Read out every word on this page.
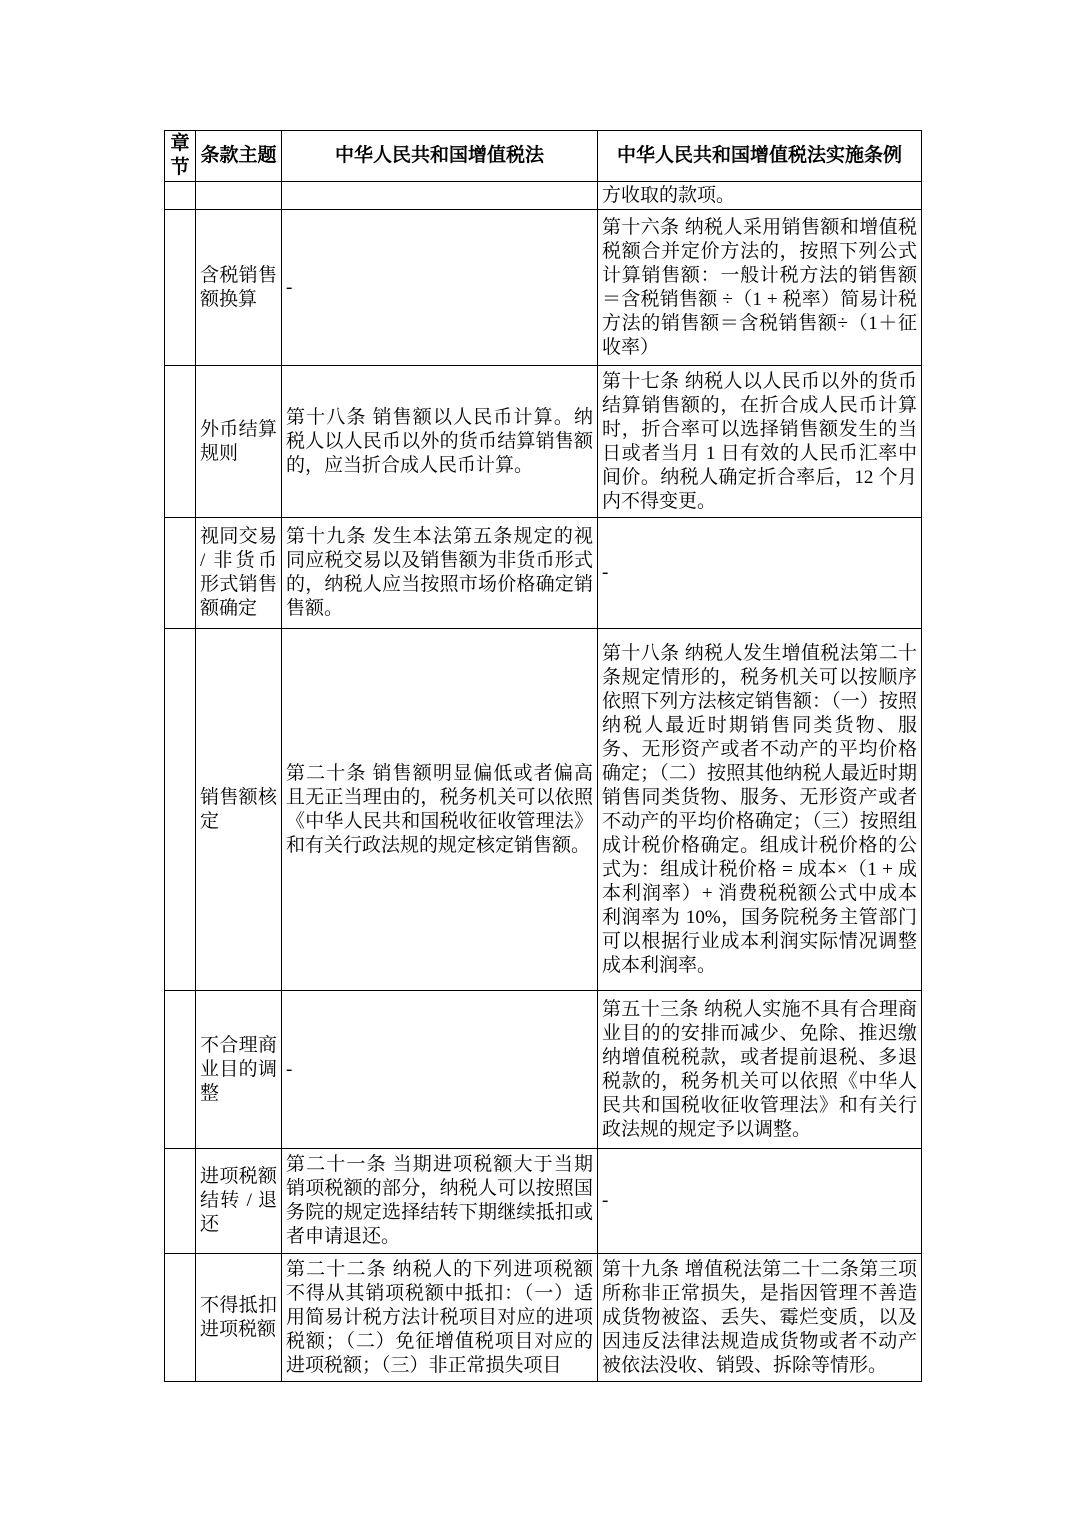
章节	条款主题	中华人民共和国增值税法	中华人民共和国增值税法实施条例
			方收取的款项。
	含税销售额换算	-	第十六条 纳税人采用销售额和增值税税额合并定价方法的，按照下列公式计算销售额：一般计税方法的销售额＝含税销售额 ÷（1 + 税率）简易计税方法的销售额＝含税销售额÷（1＋征收率）
	外币结算规则	第十八条 销售额以人民币计算。纳税人以人民币以外的货币结算销售额的，应当折合成人民币计算。	第十七条 纳税人以人民币以外的货币结算销售额的，在折合成人民币计算时，折合率可以选择销售额发生的当日或者当月 1 日有效的人民币汇率中间价。纳税人确定折合率后，12 个月内不得变更。
	视同交易 / 非货币形式销售额确定	第十九条 发生本法第五条规定的视同应税交易以及销售额为非货币形式的，纳税人应当按照市场价格确定销售额。	-
	销售额核定	第二十条 销售额明显偏低或者偏高且无正当理由的，税务机关可以依照《中华人民共和国税收征收管理法》和有关行政法规的规定核定销售额。	第十八条 纳税人发生增值税法第二十条规定情形的，税务机关可以按顺序依照下列方法核定销售额：（一）按照纳税人最近时期销售同类货物、服务、无形资产或者不动产的平均价格确定；（二）按照其他纳税人最近时期销售同类货物、服务、无形资产或者不动产的平均价格确定；（三）按照组成计税价格确定。组成计税价格的公式为：组成计税价格 = 成本×（1 + 成本利润率）+ 消费税税额公式中成本利润率为 10%，国务院税务主管部门可以根据行业成本利润实际情况调整成本利润率。
	不合理商业目的调整	-	第五十三条 纳税人实施不具有合理商业目的的安排而减少、免除、推迟缴纳增值税税款，或者提前退税、多退税款的，税务机关可以依照《中华人民共和国税收征收管理法》和有关行政法规的规定予以调整。
	进项税额结转 / 退还	第二十一条 当期进项税额大于当期销项税额的部分，纳税人可以按照国务院的规定选择结转下期继续抵扣或者申请退还。	-
	不得抵扣进项税额	第二十二条 纳税人的下列进项税额不得从其销项税额中抵扣：（一）适用简易计税方法计税项目对应的进项税额；（二）免征增值税项目对应的进项税额；（三）非正常损失项目	第十九条 增值税法第二十二条第三项所称非正常损失，是指因管理不善造成货物被盗、丢失、霉烂变质，以及因违反法律法规造成货物或者不动产被依法没收、销毁、拆除等情形。
